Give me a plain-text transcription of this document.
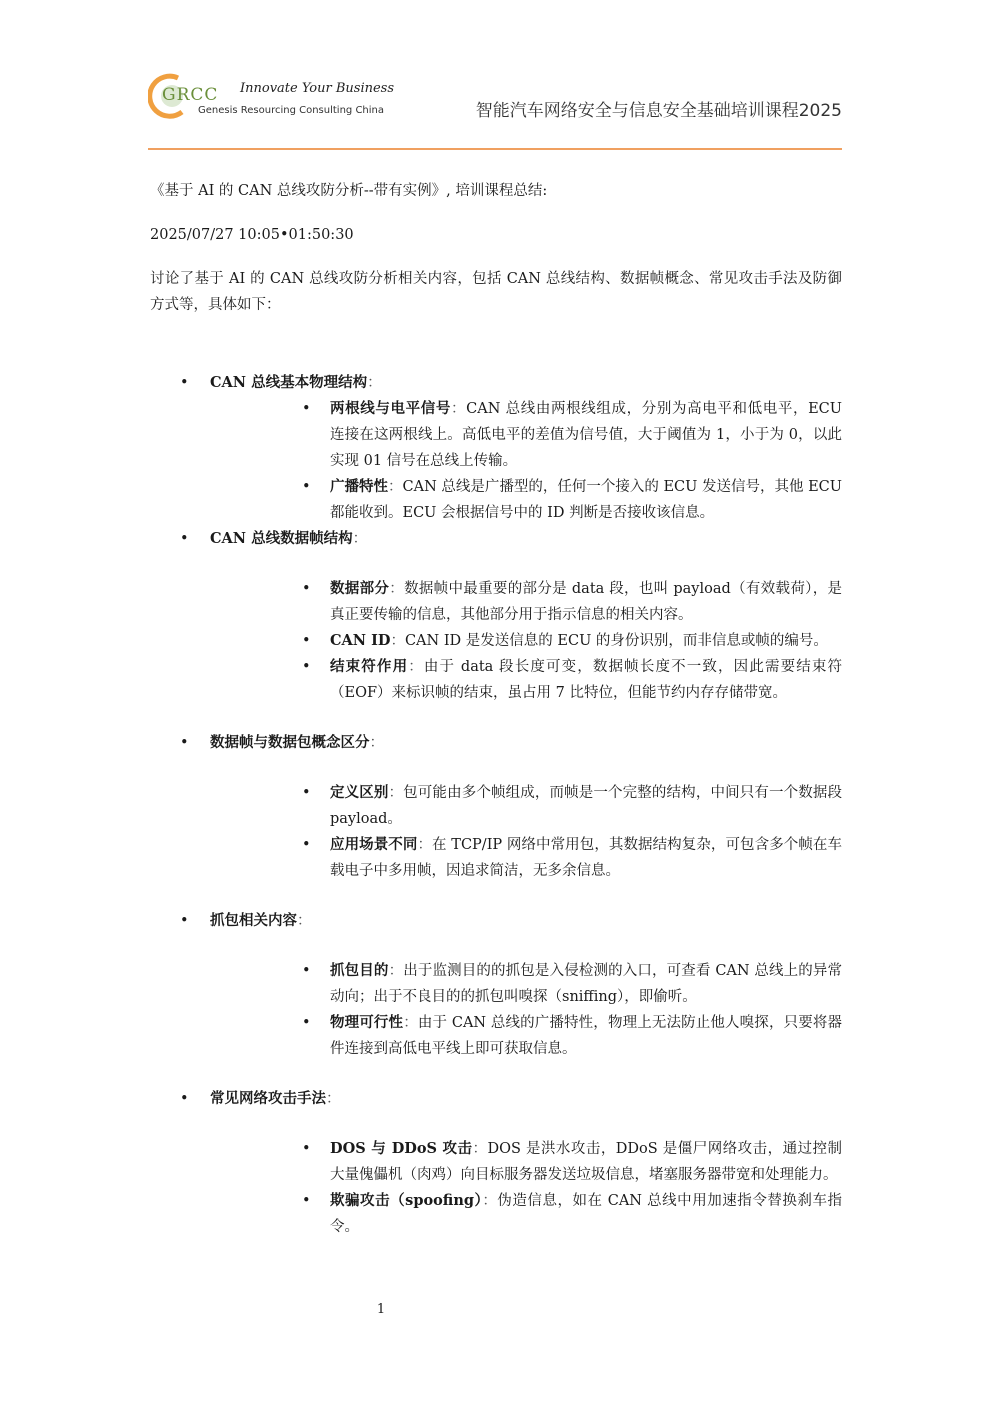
GRCC Innovate Your Business
Genesis Resourcing Consulting China	智能汽车网络安全与信息安全基础培训课程2025

《基于 AI 的 CAN 总线攻防分析--带有实例》, 培训课程总结:

2025/07/27 10:05•01:50:30

讨论了基于 AI 的 CAN 总线攻防分析相关内容，包括 CAN 总线结构、数据帧概念、常见攻击手法及防御方式等，具体如下：

• CAN 总线基本物理结构：
• 两根线与电平信号：CAN 总线由两根线组成，分别为高电平和低电平，ECU 连接在这两根线上。高低电平的差值为信号值，大于阈值为 1，小于为 0，以此实现 01 信号在总线上传输。
• 广播特性：CAN 总线是广播型的，任何一个接入的 ECU 发送信号，其他 ECU 都能收到。ECU 会根据信号中的 ID 判断是否接收该信息。
• CAN 总线数据帧结构：
• 数据部分：数据帧中最重要的部分是 data 段，也叫 payload（有效载荷），是真正要传输的信息，其他部分用于指示信息的相关内容。
• CAN ID：CAN ID 是发送信息的 ECU 的身份识别，而非信息或帧的编号。
• 结束符作用：由于 data 段长度可变，数据帧长度不一致，因此需要结束符（EOF）来标识帧的结束，虽占用 7 比特位，但能节约内存存储带宽。
• 数据帧与数据包概念区分：
• 定义区别：包可能由多个帧组成，而帧是一个完整的结构，中间只有一个数据段 payload。
• 应用场景不同：在 TCP/IP 网络中常用包，其数据结构复杂，可包含多个帧在车载电子中多用帧，因追求简洁，无多余信息。
• 抓包相关内容：
• 抓包目的：出于监测目的的抓包是入侵检测的入口，可查看 CAN 总线上的异常动向；出于不良目的的抓包叫嗅探（sniffing），即偷听。
• 物理可行性：由于 CAN 总线的广播特性，物理上无法防止他人嗅探，只要将器件连接到高低电平线上即可获取信息。
• 常见网络攻击手法：
• DOS 与 DDoS 攻击：DOS 是洪水攻击，DDoS 是僵尸网络攻击，通过控制大量傀儡机（肉鸡）向目标服务器发送垃圾信息，堵塞服务器带宽和处理能力。
• 欺骗攻击（spoofing）：伪造信息，如在 CAN 总线中用加速指令替换刹车指令。
1
